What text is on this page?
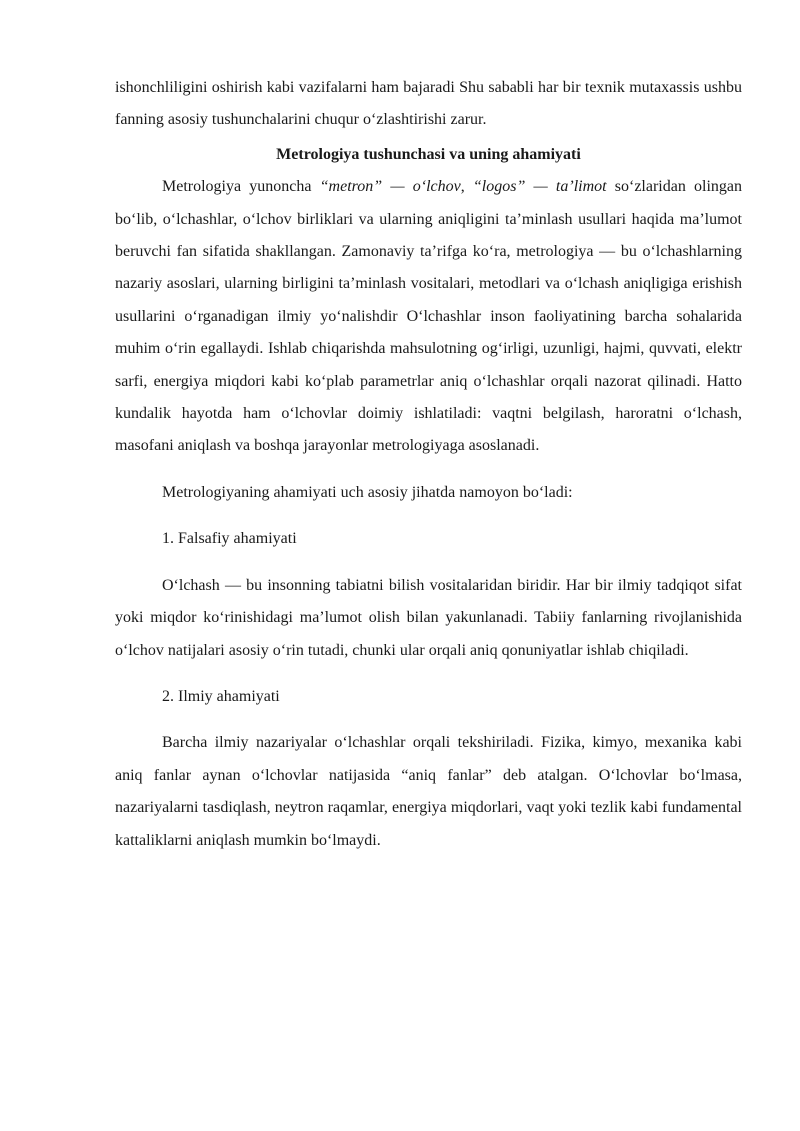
ishonchliligini oshirish kabi vazifalarni ham bajaradi Shu sababli har bir texnik mutaxassis ushbu fanning asosiy tushunchalarini chuqur o‘zlashtirishi zarur.

Metrologiya tushunchasi va uning ahamiyati

Metrologiya yunoncha “metron” — o‘lchov, “logos” — ta’limot so‘zlaridan olingan bo‘lib, o‘lchashlar, o‘lchov birliklari va ularning aniqligini ta’minlash usullari haqida ma’lumot beruvchi fan sifatida shakllangan. Zamonaviy ta’rifga ko‘ra, metrologiya — bu o‘lchashlarning nazariy asoslari, ularning birligini ta’minlash vositalari, metodlari va o‘lchash aniqligiga erishish usullarini o‘rganadigan ilmiy yo‘nalishdir O‘lchashlar inson faoliyatining barcha sohalarida muhim o‘rin egallaydi. Ishlab chiqarishda mahsulotning og‘irligi, uzunligi, hajmi, quvvati, elektr sarfi, energiya miqdori kabi ko‘plab parametrlar aniq o‘lchashlar orqali nazorat qilinadi. Hatto kundalik hayotda ham o‘lchovlar doimiy ishlatiladi: vaqtni belgilash, haroratni o‘lchash, masofani aniqlash va boshqa jarayonlar metrologiyaga asoslanadi.

Metrologiyaning ahamiyati uch asosiy jihatda namoyon bo‘ladi:

1. Falsafiy ahamiyati

O‘lchash — bu insonning tabiatni bilish vositalaridan biridir. Har bir ilmiy tadqiqot sifat yoki miqdor ko‘rinishidagi ma’lumot olish bilan yakunlanadi. Tabiiy fanlarning rivojlanishida o‘lchov natijalari asosiy o‘rin tutadi, chunki ular orqali aniq qonuniyatlar ishlab chiqiladi.

2. Ilmiy ahamiyati

Barcha ilmiy nazariyalar o‘lchashlar orqali tekshiriladi. Fizika, kimyo, mexanika kabi aniq fanlar aynan o‘lchovlar natijasida “aniq fanlar” deb atalgan. O‘lchovlar bo‘lmasa, nazariyalarni tasdiqlash, neytron raqamlar, energiya miqdorlari, vaqt yoki tezlik kabi fundamental kattaliklarni aniqlash mumkin bo‘lmaydi.
